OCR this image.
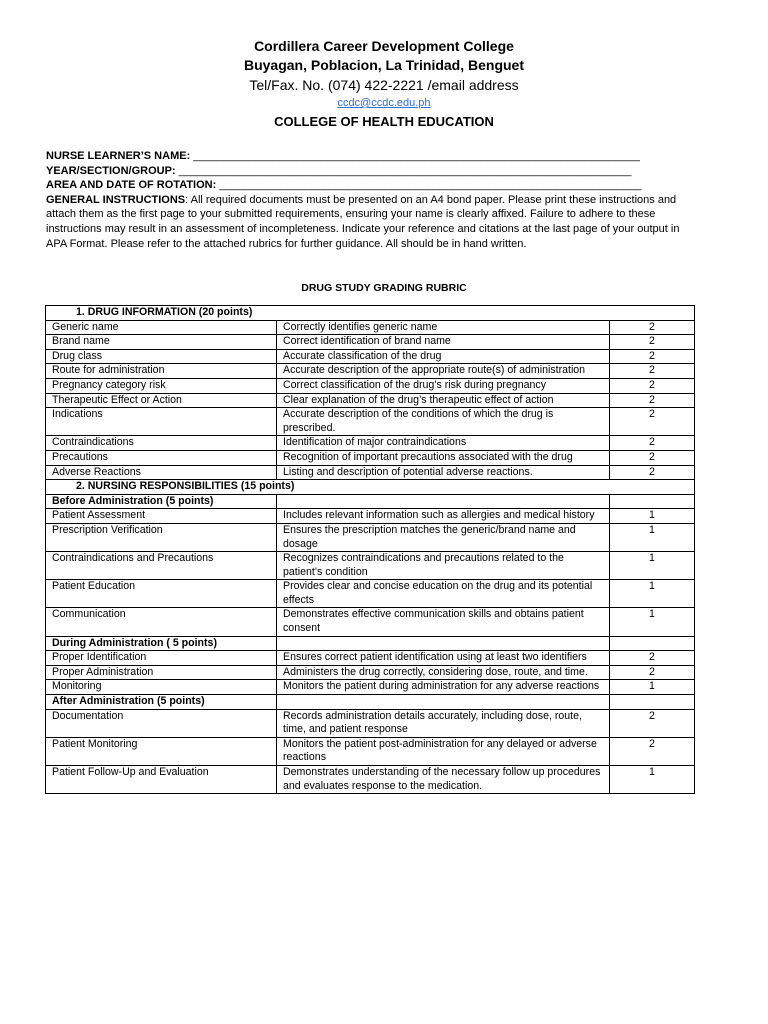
Cordillera Career Development College
Buyagan, Poblacion, La Trinidad, Benguet
Tel/Fax. No. (074) 422-2221 /email address
ccdc@ccdc.edu.ph
COLLEGE OF HEALTH EDUCATION
NURSE LEARNER’S NAME: _________________________________________________________________________
YEAR/SECTION/GROUP: __________________________________________________________________________
AREA AND DATE OF ROTATION: _____________________________________________________________________
GENERAL INSTRUCTIONS: All required documents must be presented on an A4 bond paper. Please print these instructions and attach them as the first page to your submitted requirements, ensuring your name is clearly affixed. Failure to adhere to these instructions may result in an assessment of incompleteness. Indicate your reference and citations at the last page of your output in APA Format. Please refer to the attached rubrics for further guidance. All should be in hand written.
DRUG STUDY GRADING RUBRIC
1. DRUG INFORMATION (20 points)		
Generic name	Correctly identifies generic name	2
Brand name	Correct identification of brand name	2
Drug class	Accurate classification of the drug	2
Route for administration	Accurate description of the appropriate route(s) of administration	2
Pregnancy category risk	Correct classification of the drug’s risk during pregnancy	2
Therapeutic Effect or Action	Clear explanation of the drug’s therapeutic effect of action	2
Indications	Accurate description of the conditions of which the drug is prescribed.	2
Contraindications	Identification of major contraindications	2
Precautions	Recognition of important precautions associated with the drug	2
Adverse Reactions	Listing and description of potential adverse reactions.	2
2. NURSING RESPONSIBILITIES (15 points)		
Before Administration (5 points)		
Patient Assessment	Includes relevant information such as allergies and medical history	1
Prescription Verification	Ensures the prescription matches the generic/brand name and dosage	1
Contraindications and Precautions	Recognizes contraindications and precautions related to the patient’s condition	1
Patient Education	Provides clear and concise education on the drug and its potential effects	1
Communication	Demonstrates effective communication skills and obtains patient consent	1
During Administration ( 5 points)		
Proper Identification	Ensures correct patient identification using at least two identifiers	2
Proper Administration	Administers the drug correctly, considering dose, route, and time.	2
Monitoring	Monitors the patient during administration for any adverse reactions	1
After Administration (5 points)		
Documentation	Records administration details accurately, including dose, route, time, and patient response	2
Patient Monitoring	Monitors the patient post-administration for any delayed or adverse reactions	2
Patient Follow-Up and Evaluation	Demonstrates understanding of the necessary follow up procedures and evaluates response to the medication.	1
